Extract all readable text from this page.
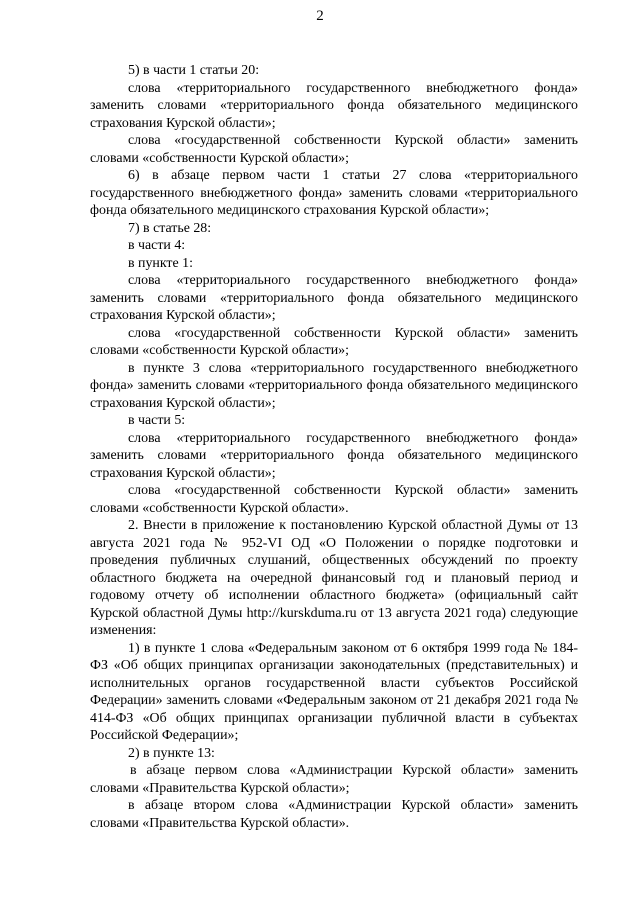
2

5) в части 1 статьи 20:

слова «территориального государственного внебюджетного фонда» заменить словами «территориального фонда обязательного медицинского страхования Курской области»;

слова «государственной собственности Курской области» заменить словами «собственности Курской области»;

6) в абзаце первом части 1 статьи 27 слова «территориального государственного внебюджетного фонда» заменить словами «территориального фонда обязательного медицинского страхования Курской области»;

7) в статье 28:

в части 4:

в пункте 1:

слова «территориального государственного внебюджетного фонда» заменить словами «территориального фонда обязательного медицинского страхования Курской области»;

слова «государственной собственности Курской области» заменить словами «собственности Курской области»;

в пункте 3 слова «территориального государственного внебюджетного фонда» заменить словами «территориального фонда обязательного медицинского страхования Курской области»;

в части 5:

слова «территориального государственного внебюджетного фонда» заменить словами «территориального фонда обязательного медицинского страхования Курской области»;

слова «государственной собственности Курской области» заменить словами «собственности Курской области».

2. Внести в приложение к постановлению Курской областной Думы от 13 августа 2021 года № 952-VI ОД «О Положении о порядке подготовки и проведения публичных слушаний, общественных обсуждений по проекту областного бюджета на очередной финансовый год и плановый период и годовому отчету об исполнении областного бюджета» (официальный сайт Курской областной Думы http://kurskduma.ru от 13 августа 2021 года) следующие изменения:

1) в пункте 1 слова «Федеральным законом от 6 октября 1999 года № 184-ФЗ «Об общих принципах организации законодательных (представительных) и исполнительных органов государственной власти субъектов Российской Федерации» заменить словами «Федеральным законом от 21 декабря 2021 года № 414-ФЗ «Об общих принципах организации публичной власти в субъектах Российской Федерации»;

2) в пункте 13:

в абзаце первом слова «Администрации Курской области» заменить словами «Правительства Курской области»;

в абзаце втором слова «Администрации Курской области» заменить словами «Правительства Курской области».
